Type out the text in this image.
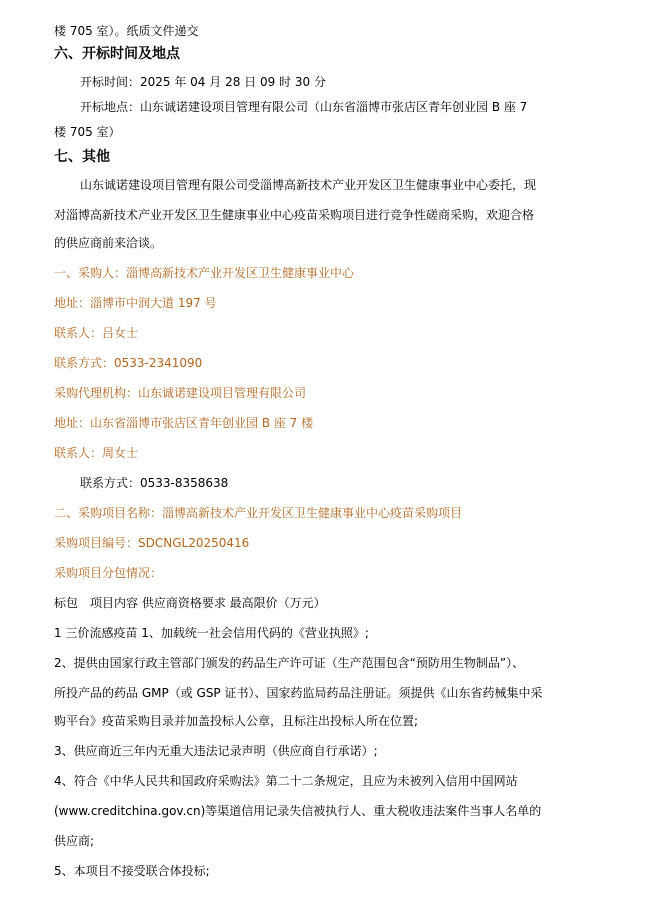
楼 705 室）。纸质文件递交

六、开标时间及地点

开标时间：2025 年 04 月 28 日 09 时 30 分

开标地点：山东诚诺建设项目管理有限公司（山东省淄博市张店区青年创业园 B 座 7

楼 705 室）

七、其他

山东诚诺建设项目管理有限公司受淄博高新技术产业开发区卫生健康事业中心委托，现

对淄博高新技术产业开发区卫生健康事业中心疫苗采购项目进行竞争性磋商采购，欢迎合格

的供应商前来洽谈。

一、采购人：淄博高新技术产业开发区卫生健康事业中心

地址：淄博市中润大道 197 号

联系人：吕女士

联系方式：0533-2341090

采购代理机构：山东诚诺建设项目管理有限公司

地址：山东省淄博市张店区青年创业园 B 座 7 楼

联系人：周女士

联系方式：0533-8358638

二、采购项目名称：淄博高新技术产业开发区卫生健康事业中心疫苗采购项目

采购项目编号：SDCNGL20250416

采购项目分包情况：

标包　项目内容 供应商资格要求 最高限价（万元）

1 三价流感疫苗 1、加载统一社会信用代码的《营业执照》;

2、提供由国家行政主管部门颁发的药品生产许可证（生产范围包含“预防用生物制品”）、

所投产品的药品 GMP（或 GSP 证书）、国家药监局药品注册证。须提供《山东省药械集中采

购平台》疫苗采购目录并加盖投标人公章，且标注出投标人所在位置;

3、供应商近三年内无重大违法记录声明（供应商自行承诺）;

4、符合《中华人民共和国政府采购法》第二十二条规定，且应为未被列入信用中国网站

(www.creditchina.gov.cn)等渠道信用记录失信被执行人、重大税收违法案件当事人名单的

供应商;

5、本项目不接受联合体投标;
